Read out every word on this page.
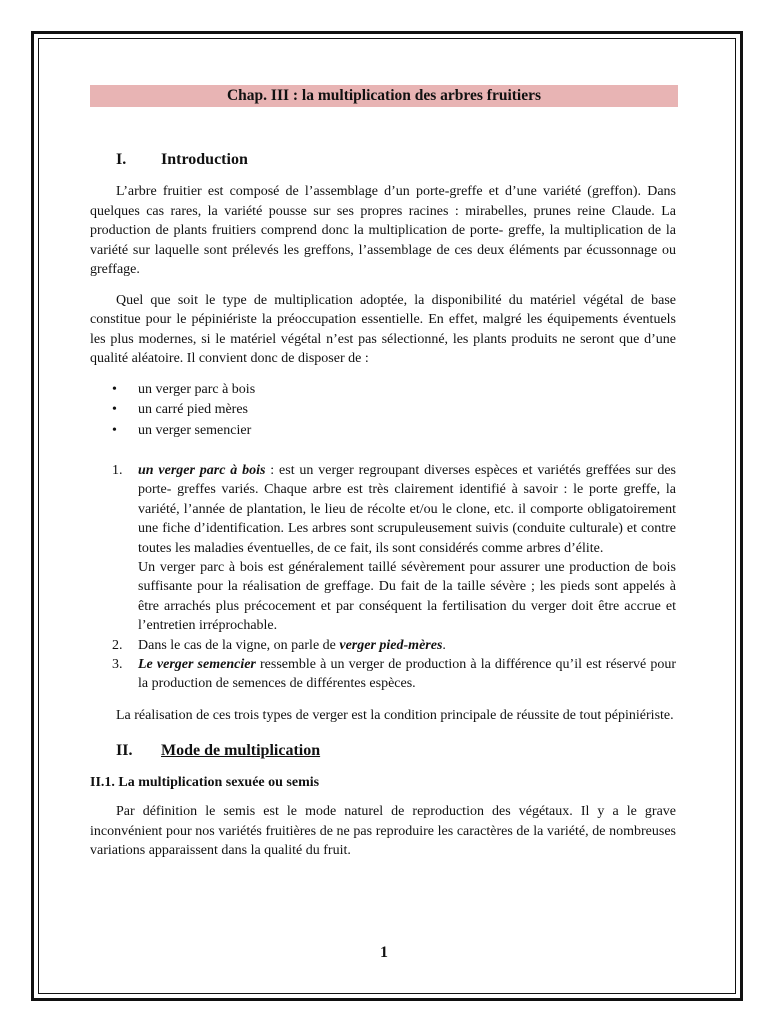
Chap. III : la multiplication des arbres fruitiers
I. Introduction

L’arbre fruitier est composé de l’assemblage d’un porte-greffe et d’une variété (greffon). Dans quelques cas rares, la variété pousse sur ses propres racines : mirabelles, prunes reine Claude. La production de plants fruitiers comprend donc la multiplication de porte- greffe, la multiplication de la variété sur laquelle sont prélevés les greffons, l’assemblage de ces deux éléments par écussonnage ou greffage.

Quel que soit le type de multiplication adoptée, la disponibilité du matériel végétal de base constitue pour le pépiniériste la préoccupation essentielle. En effet, malgré les équipements éventuels les plus modernes, si le matériel végétal n’est pas sélectionné, les plants produits ne seront que d’une qualité aléatoire. Il convient donc de disposer de :

• un verger parc à bois
• un carré pied mères
• un verger semencier
1. un verger parc à bois : est un verger regroupant diverses espèces et variétés greffées sur des porte- greffes variés. Chaque arbre est très clairement identifié à savoir : le porte greffe, la variété, l’année de plantation, le lieu de récolte et/ou le clone, etc. il comporte obligatoirement une fiche d’identification. Les arbres sont scrupuleusement suivis (conduite culturale) et contre toutes les maladies éventuelles, de ce fait, ils sont considérés comme arbres d’élite.
Un verger parc à bois est généralement taillé sévèrement pour assurer une production de bois suffisante pour la réalisation de greffage. Du fait de la taille sévère ; les pieds sont appelés à être arrachés plus précocement et par conséquent la fertilisation du verger doit être accrue et l’entretien irréprochable.
2. Dans le cas de la vigne, on parle de verger pied-mères.
3. Le verger semencier ressemble à un verger de production à la différence qu’il est réservé pour la production de semences de différentes espèces.

La réalisation de ces trois types de verger est la condition principale de réussite de tout pépiniériste.

II. Mode de multiplication
II.1. La multiplication sexuée ou semis

Par définition le semis est le mode naturel de reproduction des végétaux. Il y a le grave inconvénient pour nos variétés fruitières de ne pas reproduire les caractères de la variété, de nombreuses variations apparaissent dans la qualité du fruit.

1
